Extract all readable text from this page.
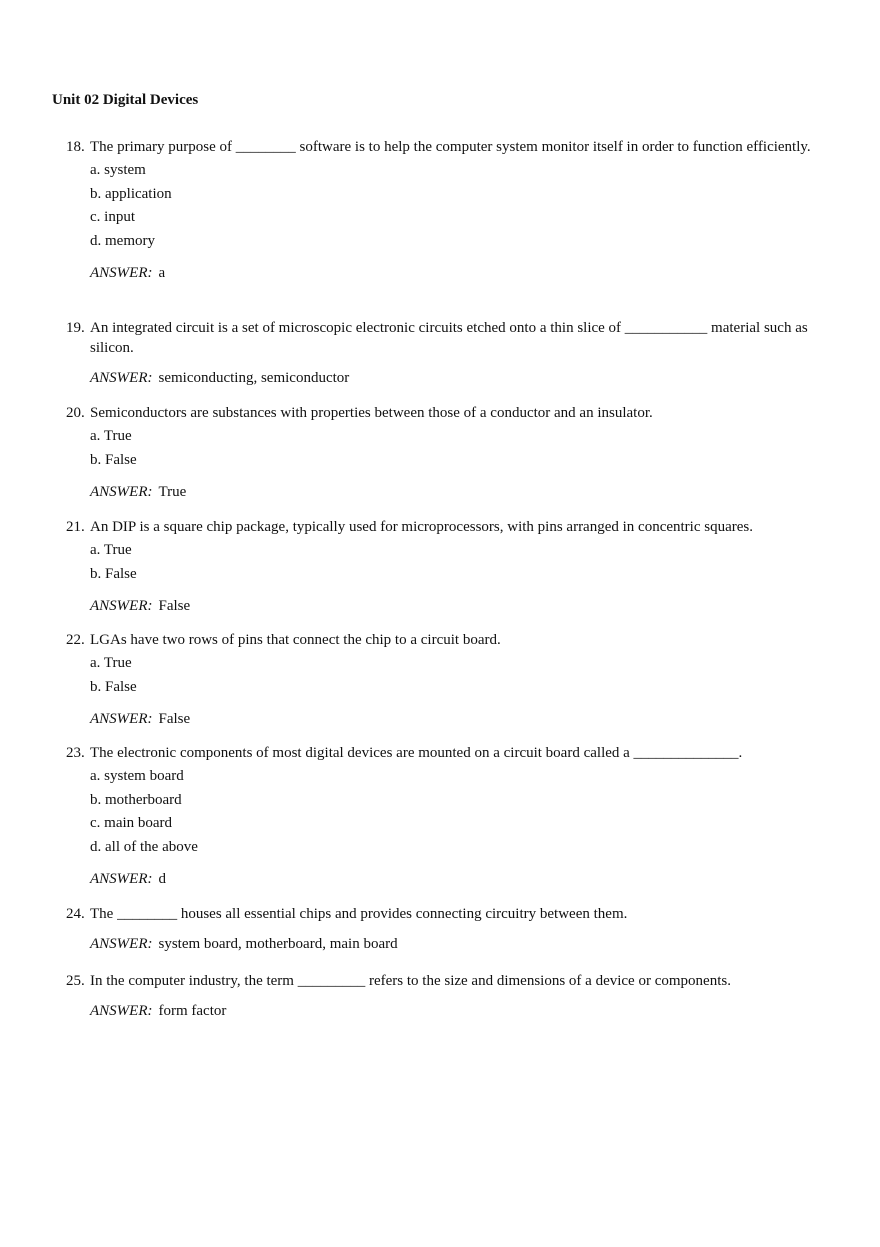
Unit 02 Digital Devices
18. The primary purpose of ________ software is to help the computer system monitor itself in order to function efficiently.
a. system
b. application
c. input
d. memory
ANSWER: a
19. An integrated circuit is a set of microscopic electronic circuits etched onto a thin slice of ___________ material such as silicon.
ANSWER: semiconducting, semiconductor
20. Semiconductors are substances with properties between those of a conductor and an insulator.
a. True
b. False
ANSWER: True
21. An DIP is a square chip package, typically used for microprocessors, with pins arranged in concentric squares.
a. True
b. False
ANSWER: False
22. LGAs have two rows of pins that connect the chip to a circuit board.
a. True
b. False
ANSWER: False
23. The electronic components of most digital devices are mounted on a circuit board called a ______________.
a. system board
b. motherboard
c. main board
d. all of the above
ANSWER: d
24. The ________ houses all essential chips and provides connecting circuitry between them.
ANSWER: system board, motherboard, main board
25. In the computer industry, the term _________ refers to the size and dimensions of a device or components.
ANSWER: form factor
